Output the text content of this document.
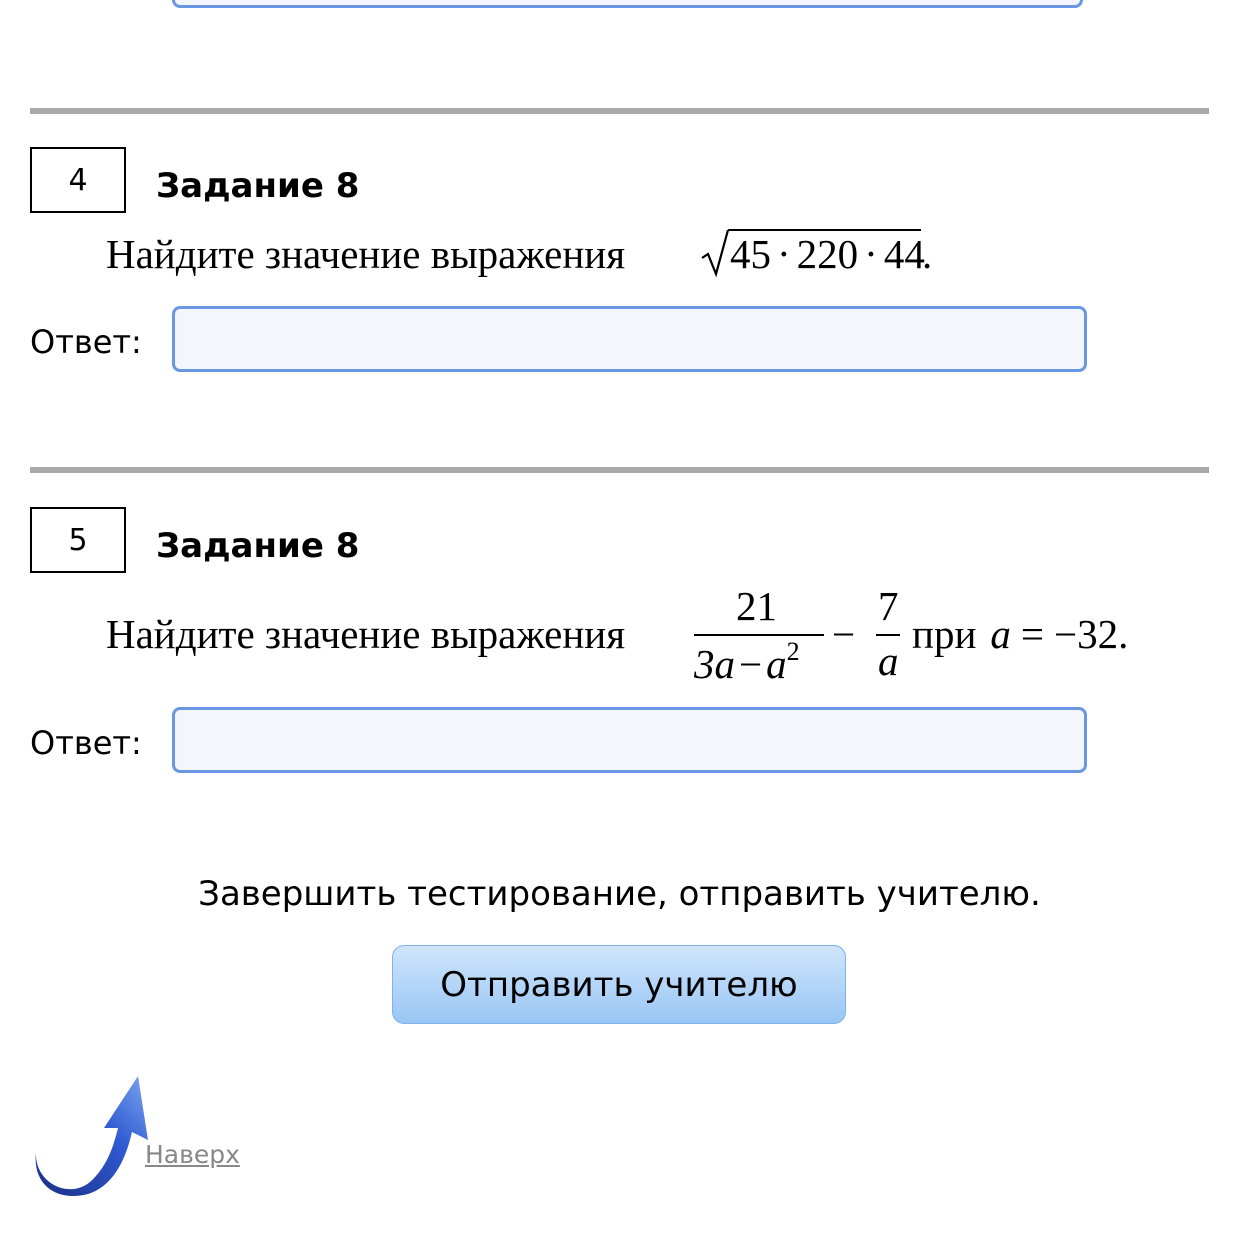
4	Задание 8
Найдите значение выражения	45 · 220 · 44
.
Ответ:
5	Задание 8
Найдите значение выражения
21
$3a-a^2$ −
7
a
при a = −32.
Ответ:
Завершить тестирование, отправить учителю.
Отправить учителю
Наверх
